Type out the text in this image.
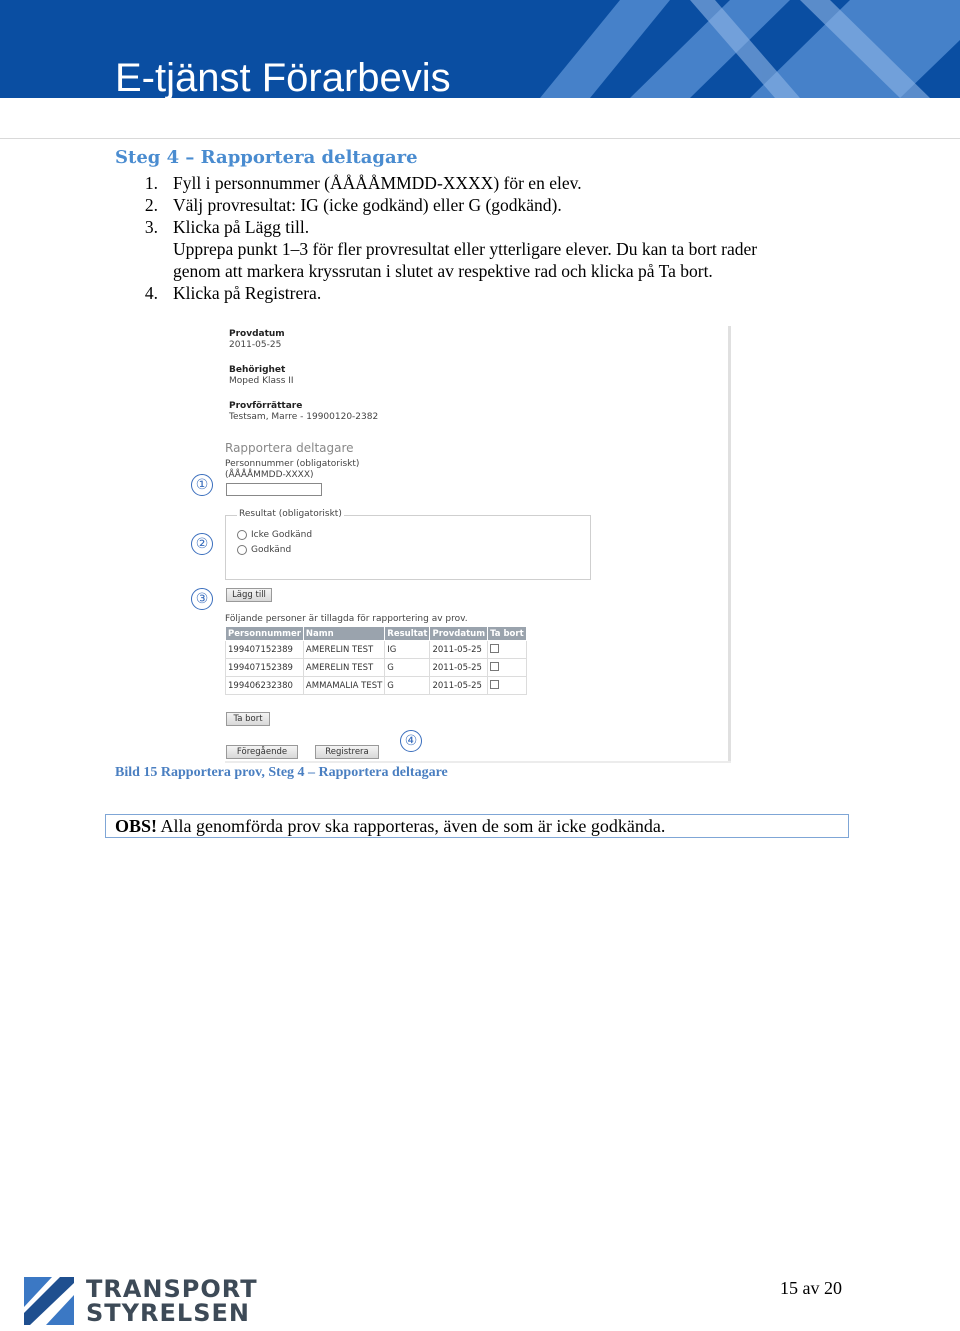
E-tjänst Förarbevis
Steg 4 – Rapportera deltagare
1. Fyll i personnummer (ÅÅÅÅMMDD-XXXX) för en elev.
2. Välj provresultat: IG (icke godkänd) eller G (godkänd).
3. Klicka på Lägg till.
Upprepa punkt 1–3 för fler provresultat eller ytterligare elever. Du kan ta bort rader
genom att markera kryssrutan i slutet av respektive rad och klicka på Ta bort.
4. Klicka på Registrera.
Provdatum
2011-05-25
Behörighet
Moped Klass II
Provförrättare
Testsam, Marre - 19900120-2382
Rapportera deltagare
Personnummer (obligatoriskt)
(ÅÅÅÅMMDD-XXXX)
Resultat (obligatoriskt)
Icke Godkänd
Godkänd
Lägg till
Följande personer är tillagda för rapportering av prov.
Personnummer	Namn	Resultat	Provdatum	Ta bort
199407152389	AMERELIN TEST	IG	2011-05-25	
199407152389	AMERELIN TEST	G	2011-05-25	
199406232380	AMMAMALIA TEST	G	2011-05-25	
Ta bort
Föregående	Registrera
①
②
③
④
Bild 15 Rapportera prov, Steg 4 – Rapportera deltagare
OBS! Alla genomförda prov ska rapporteras, även de som är icke godkända.
TRANSPORT
STYRELSEN
15 av 20
